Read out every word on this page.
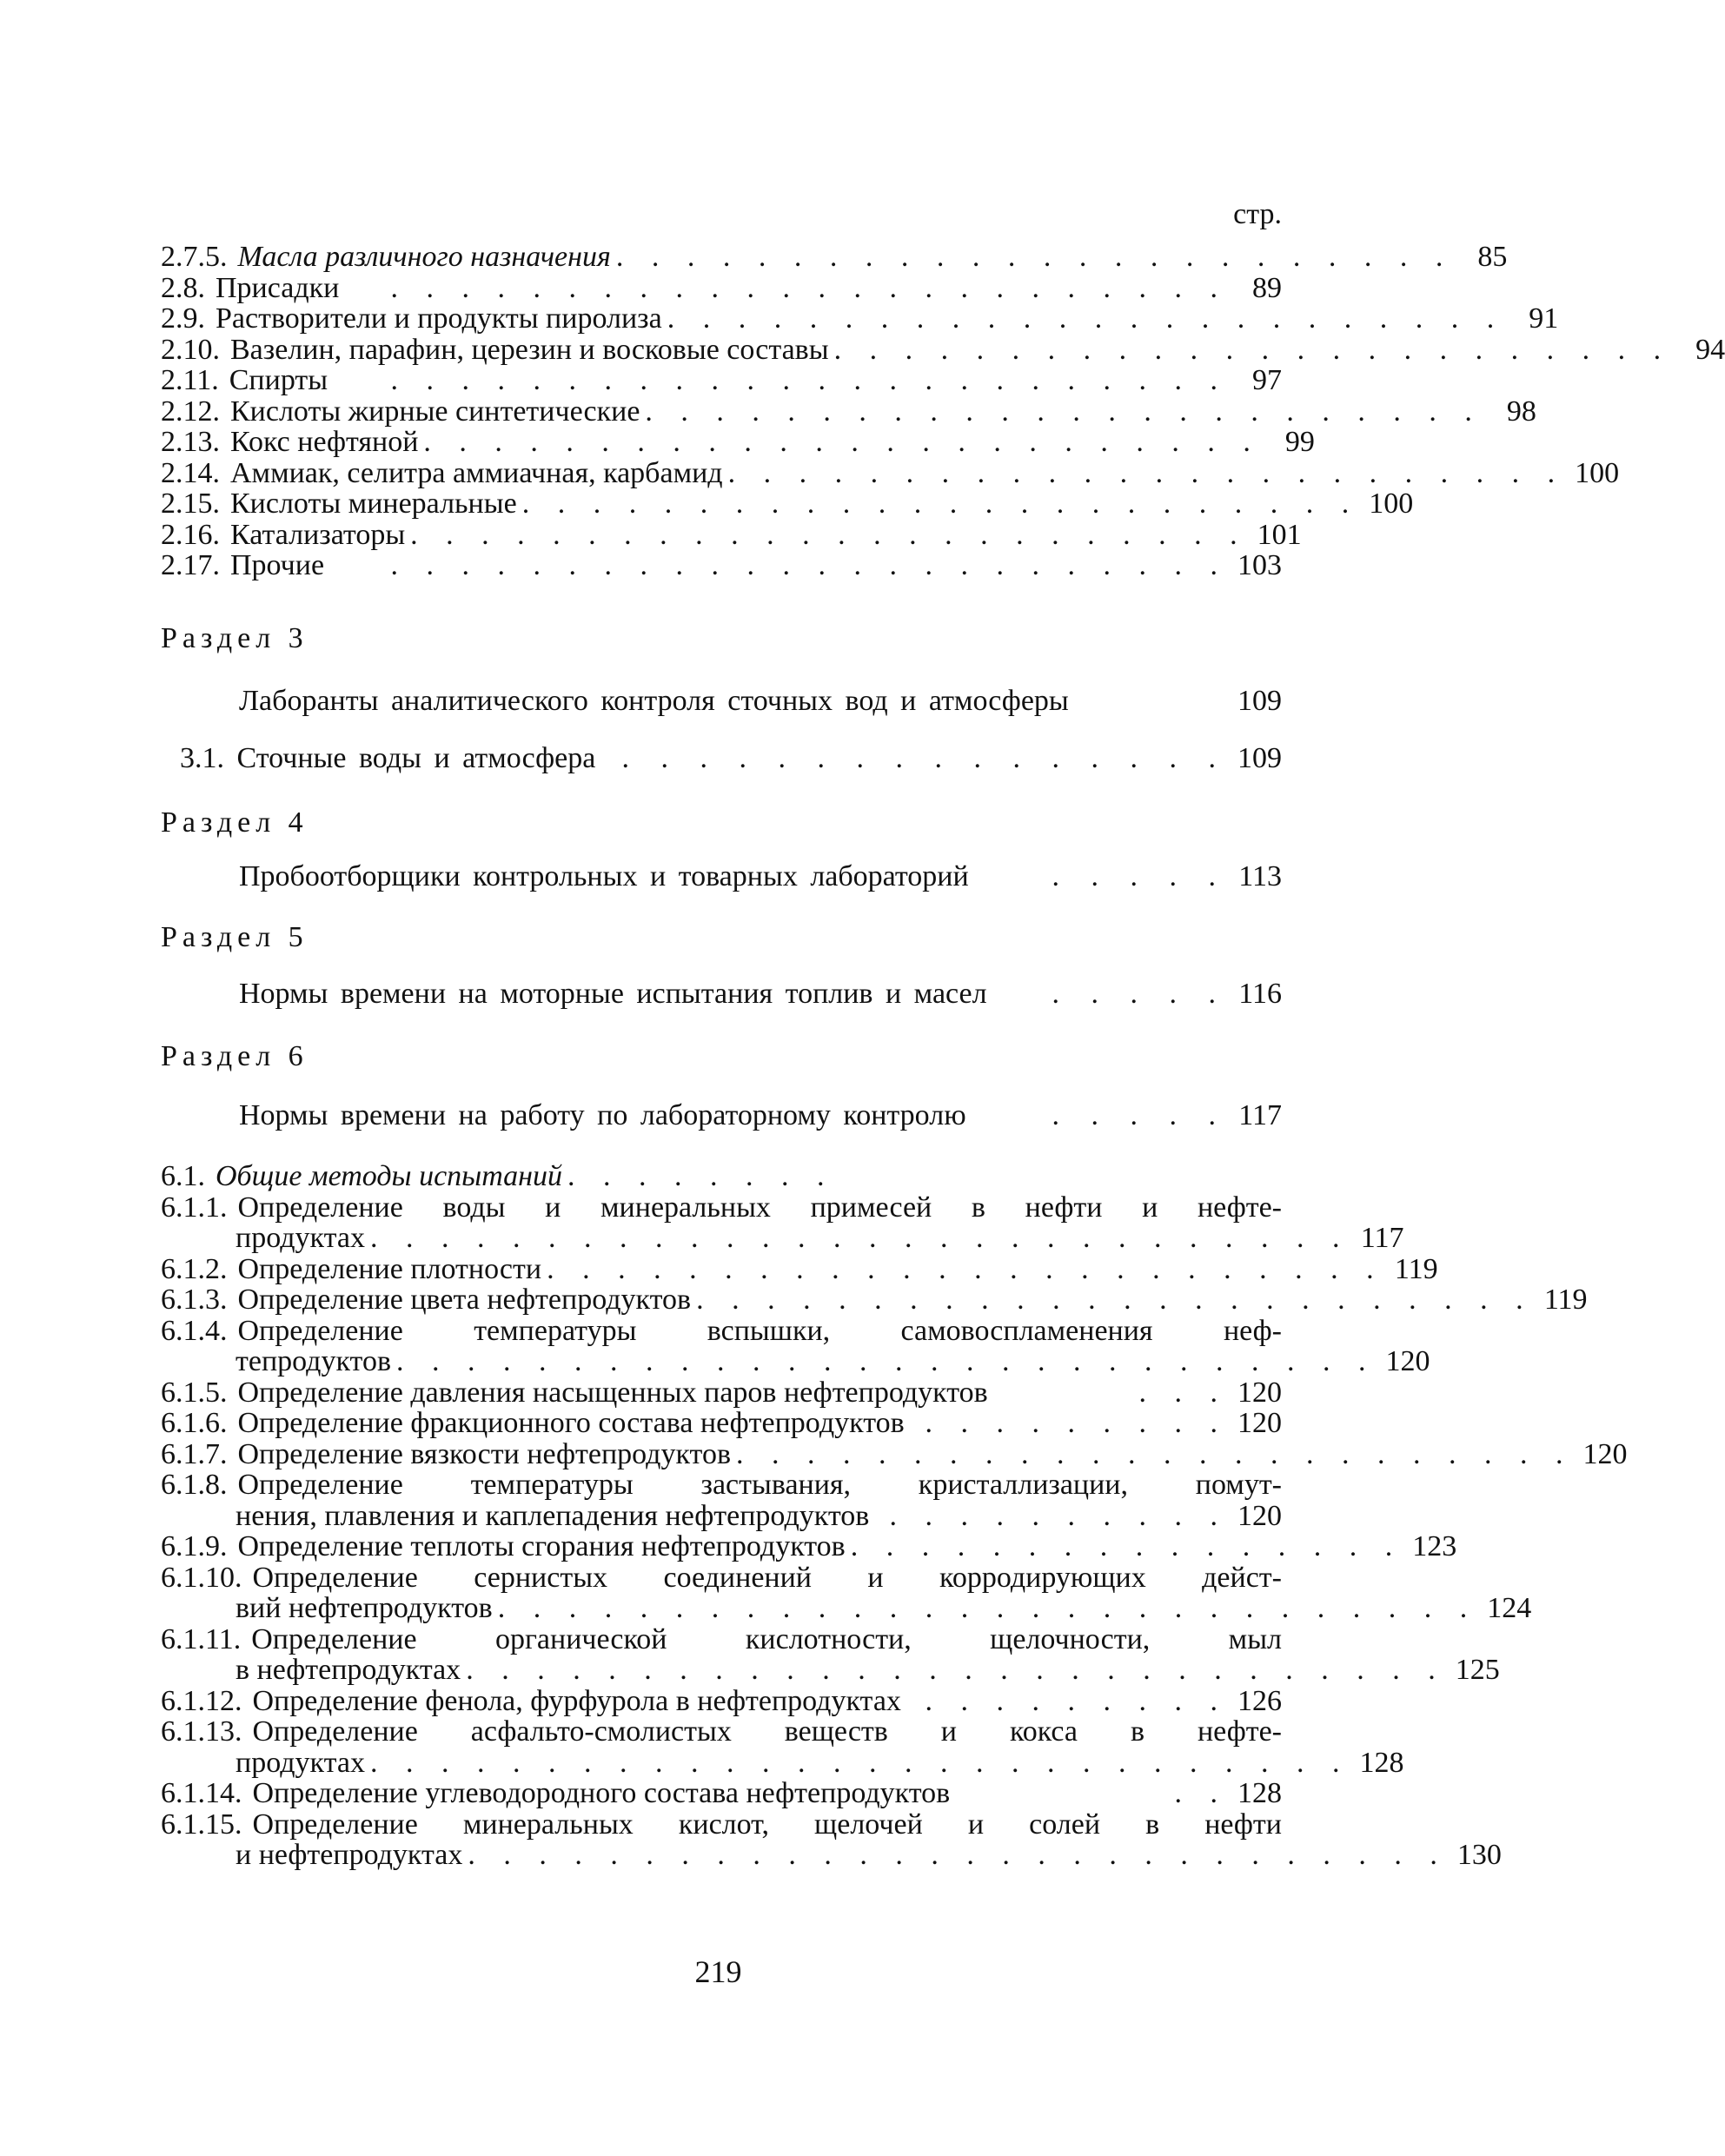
стр.
2.7.5. Масла различного назначения . . . . . . . . . . . . . . . . . . . . . . . . 85
2.8. Присадки	. . . . . . . . . . . . . . . . . . . . . . . . 89
2.9. Растворители и продукты пиролиза . . . . . . . . . . . . . . . . . . . . . . . . 91
2.10. Вазелин, парафин, церезин и восковые составы . . . . . . . . . . . . . . . . . . . . . . . . 94
2.11. Спирты	. . . . . . . . . . . . . . . . . . . . . . . . 97
2.12. Кислоты жирные синтетические . . . . . . . . . . . . . . . . . . . . . . . . 98
2.13. Кокс нефтяной . . . . . . . . . . . . . . . . . . . . . . . . 99
2.14. Аммиак, селитра аммиачная, карбамид . . . . . . . . . . . . . . . . . . . . . . . . 100
2.15. Кислоты минеральные . . . . . . . . . . . . . . . . . . . . . . . . 100
2.16. Катализаторы . . . . . . . . . . . . . . . . . . . . . . . . 101
2.17. Прочие	. . . . . . . . . . . . . . . . . . . . . . . . 103
Раздел 3
Лаборанты аналитического контроля сточных вод и атмосферы	109
3.1. Сточные воды и атмосфера . . . . . . . . . . . . . . . . 109
Раздел 4
Пробоотборщики контрольных и товарных лабораторий	. . . . . 113
Раздел 5
Нормы времени на моторные испытания топлив и масел	. . . . . 116
Раздел 6
Нормы времени на работу по лабораторному контролю	. . . . . 117
6.1. Общие методы испытаний . . . . . . . .
6.1.1. Определение воды и минеральных примесей в нефти и нефте-
продуктах . . . . . . . . . . . . . . . . . . . . . . . . . . . . 117
6.1.2. Определение плотности . . . . . . . . . . . . . . . . . . . . . . . . 119
6.1.3. Определение цвета нефтепродуктов . . . . . . . . . . . . . . . . . . . . . . . . 119
6.1.4. Определение температуры вспышки, самовоспламенения неф-
тепродуктов . . . . . . . . . . . . . . . . . . . . . . . . . . . . 120
6.1.5. Определение давления насыщенных паров нефтепродуктов	. . . 120
6.1.6. Определение фракционного состава нефтепродуктов . . . . . . . . . 120
6.1.7. Определение вязкости нефтепродуктов . . . . . . . . . . . . . . . . . . . . . . . . 120
6.1.8. Определение температуры застывания, кристаллизации, помут-
нения, плавления и каплепадения нефтепродуктов . . . . . . . . . . 120
6.1.9. Определение теплоты сгорания нефтепродуктов . . . . . . . . . . . . . . . . 123
6.1.10. Определение сернистых соединений и корродирующих дейст-
вий нефтепродуктов . . . . . . . . . . . . . . . . . . . . . . . . . . . . 124
6.1.11. Определение органической кислотности, щелочности, мыл
в нефтепродуктах . . . . . . . . . . . . . . . . . . . . . . . . . . . . 125
6.1.12. Определение фенола, фурфурола в нефтепродуктах . . . . . . . . . 126
6.1.13. Определение асфальто-смолистых веществ и кокса в нефте-
продуктах . . . . . . . . . . . . . . . . . . . . . . . . . . . . 128
6.1.14. Определение углеводородного состава нефтепродуктов	. . 128
6.1.15. Определение минеральных кислот, щелочей и солей в нефти
и нефтепродуктах . . . . . . . . . . . . . . . . . . . . . . . . . . . . 130
219
